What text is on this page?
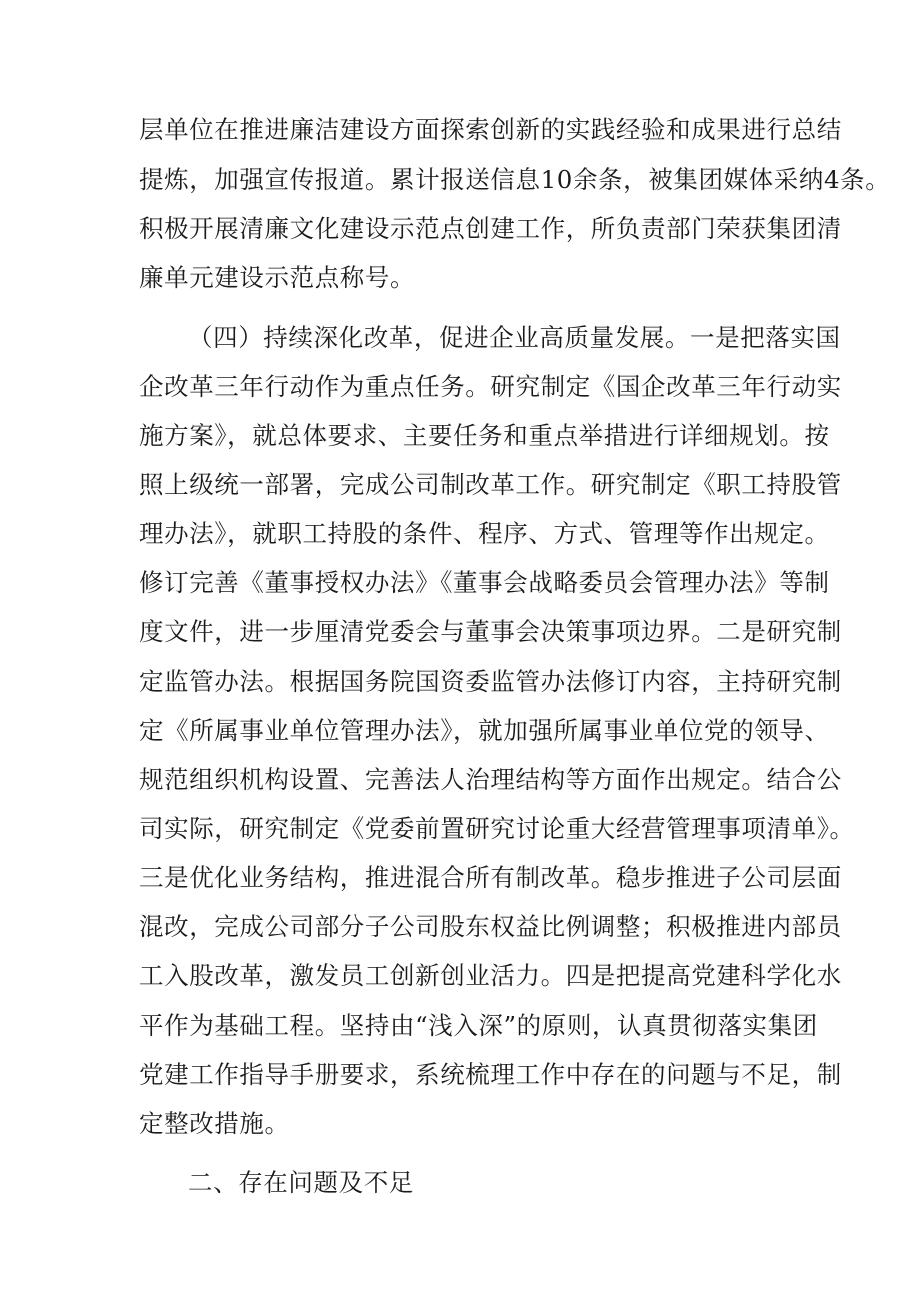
层单位在推进廉洁建设方面探索创新的实践经验和成果进行总结
提炼，加强宣传报道。累计报送信息10余条，被集团媒体采纳4条。
积极开展清廉文化建设示范点创建工作，所负责部门荣获集团清
廉单元建设示范点称号。
（四）持续深化改革，促进企业高质量发展。一是把落实国
企改革三年行动作为重点任务。研究制定《国企改革三年行动实
施方案》，就总体要求、主要任务和重点举措进行详细规划。按
照上级统一部署，完成公司制改革工作。研究制定《职工持股管
理办法》，就职工持股的条件、程序、方式、管理等作出规定。
修订完善《董事授权办法》《董事会战略委员会管理办法》等制
度文件，进一步厘清党委会与董事会决策事项边界。二是研究制
定监管办法。根据国务院国资委监管办法修订内容，主持研究制
定《所属事业单位管理办法》，就加强所属事业单位党的领导、
规范组织机构设置、完善法人治理结构等方面作出规定。结合公
司实际，研究制定《党委前置研究讨论重大经营管理事项清单》。
三是优化业务结构，推进混合所有制改革。稳步推进子公司层面
混改，完成公司部分子公司股东权益比例调整；积极推进内部员
工入股改革，激发员工创新创业活力。四是把提高党建科学化水
平作为基础工程。坚持由“浅入深”的原则，认真贯彻落实集团
党建工作指导手册要求，系统梳理工作中存在的问题与不足，制
定整改措施。
二、存在问题及不足
